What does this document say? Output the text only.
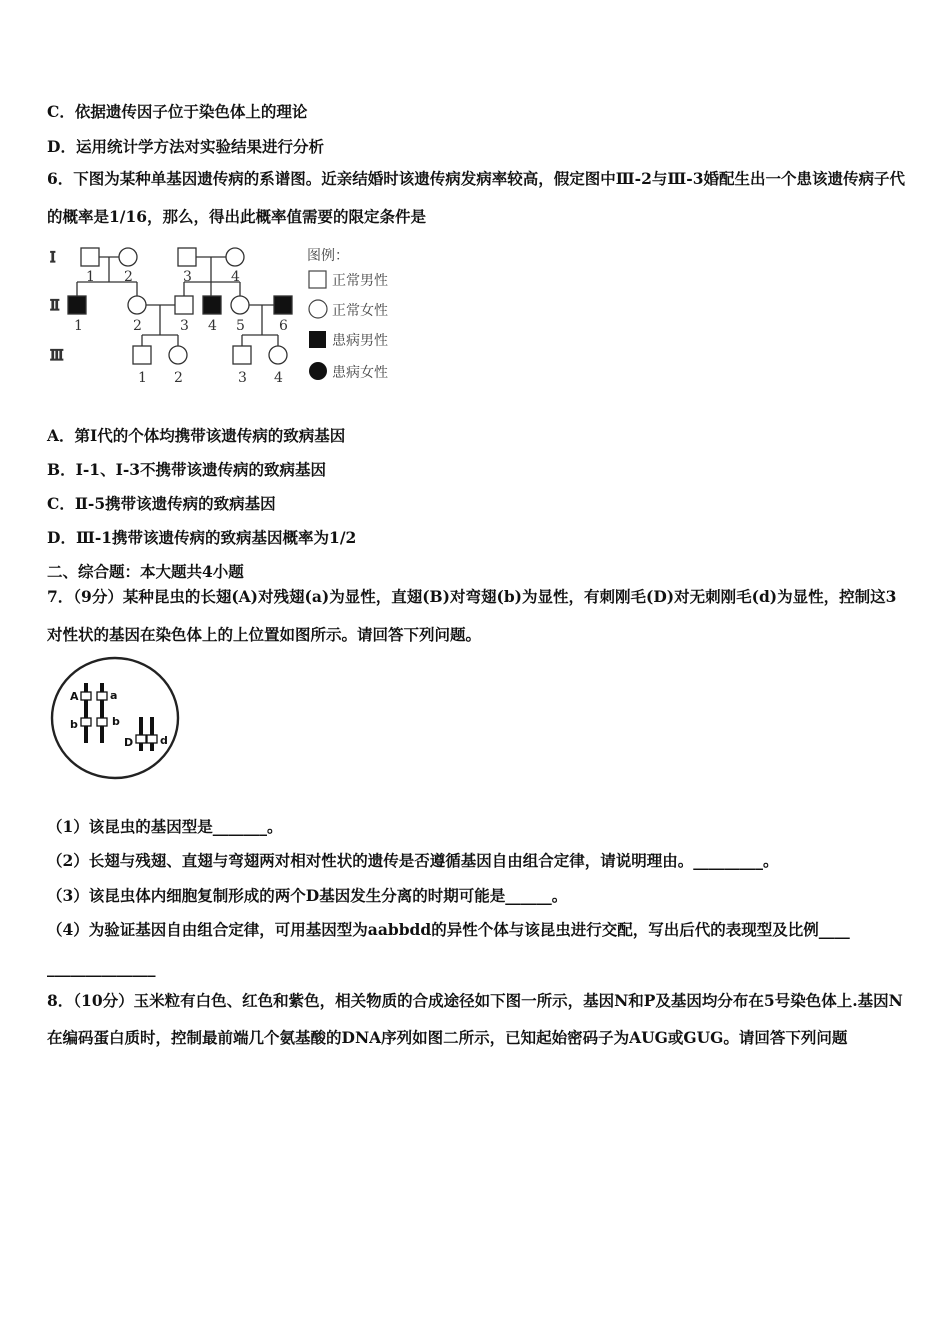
C．依据遗传因子位于染色体上的理论
D．运用统计学方法对实验结果进行分析
6．下图为某种单基因遗传病的系谱图。近亲结婚时该遗传病发病率较高，假定图中Ⅲ-2与Ⅲ-3婚配生出一个患该遗传病子代的概率是1/16，那么，得出此概率值需要的限定条件是
Ⅰ
Ⅱ
Ⅲ
1 2	3	4
1	2	3 4 5 6
1 2	3 4
图例：
正常男性
正常女性
患病男性
患病女性
A．第Ⅰ代的个体均携带该遗传病的致病基因
B．Ⅰ-1、Ⅰ-3不携带该遗传病的致病基因
C．Ⅱ-5携带该遗传病的致病基因
D．Ⅲ-1携带该遗传病的致病基因概率为1/2
二、综合题：本大题共4小题
7．（9分）某种昆虫的长翅(A)对残翅(a)为显性，直翅(B)对弯翅(b)为显性，有刺刚毛(D)对无刺刚毛(d)为显性，控制这3对性状的基因在染色体上的上位置如图所示。请回答下列问题。
A	a
b	b
D d
（1）该昆虫的基因型是_______。
（2）长翅与残翅、直翅与弯翅两对相对性状的遗传是否遵循基因自由组合定律，请说明理由。_________。
（3）该昆虫体内细胞复制形成的两个D基因发生分离的时期可能是______。
（4）为验证基因自由组合定律，可用基因型为aabbdd的异性个体与该昆虫进行交配，写出后代的表现型及比例____
______________
8．（10分）玉米粒有白色、红色和紫色，相关物质的合成途径如下图一所示，基因N和P及基因均分布在5号染色体上.基因N在编码蛋白质时，控制最前端几个氨基酸的DNA序列如图二所示，已知起始密码子为AUG或GUG。请回答下列问题
